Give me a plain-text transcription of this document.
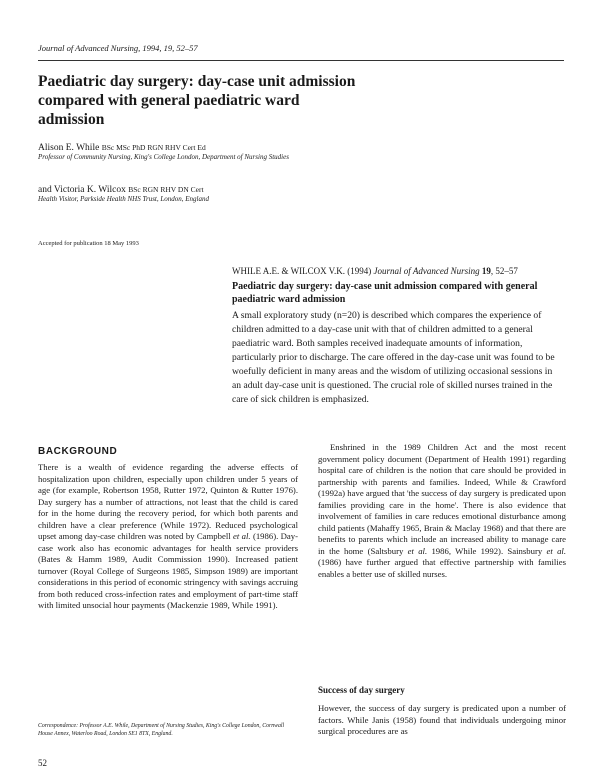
Journal of Advanced Nursing, 1994, 19, 52–57
Paediatric day surgery: day-case unit admission compared with general paediatric ward admission
Alison E. While BSc MSc PhD RGN RHV Cert Ed
Professor of Community Nursing, King's College London, Department of Nursing Studies
and Victoria K. Wilcox BSc RGN RHV DN Cert
Health Visitor, Parkside Health NHS Trust, London, England
Accepted for publication 18 May 1993
WHILE A.E. & WILCOX V.K. (1994) Journal of Advanced Nursing 19, 52–57
Paediatric day surgery: day-case unit admission compared with general paediatric ward admission
A small exploratory study (n=20) is described which compares the experience of children admitted to a day-case unit with that of children admitted to a general paediatric ward. Both samples received inadequate amounts of information, particularly prior to discharge. The care offered in the day-case unit was found to be woefully deficient in many areas and the wisdom of utilizing occasional sessions in an adult day-case unit is questioned. The crucial role of skilled nurses trained in the care of sick children is emphasized.
BACKGROUND
There is a wealth of evidence regarding the adverse effects of hospitalization upon children, especially upon children under 5 years of age (for example, Robertson 1958, Rutter 1972, Quinton & Rutter 1976). Day surgery has a number of attractions, not least that the child is cared for in the home during the recovery period, for which both parents and children have a clear preference (While 1972). Reduced psychological upset among day-case children was noted by Campbell et al. (1986). Day-case work also has economic advantages for health service providers (Bates & Hamm 1989, Audit Commission 1990). Increased patient turnover (Royal College of Surgeons 1985, Simpson 1989) are important considerations in this period of economic stringency with savings accruing from both reduced cross-infection rates and employment of part-time staff with limited unsocial hour payments (Mackenzie 1989, While 1991).
Enshrined in the 1989 Children Act and the most recent government policy document (Department of Health 1991) regarding hospital care of children is the notion that care should be provided in partnership with parents and families. Indeed, While & Crawford (1992a) have argued that 'the success of day surgery is predicated upon families providing care in the home'. There is also evidence that involvement of families in care reduces emotional disturbance among child patients (Mahaffy 1965, Brain & Maclay 1968) and that there are benefits to parents which include an increased ability to manage care in the home (Saltsbury et al. 1986, While 1992). Sainsbury et al. (1986) have further argued that effective partnership with families enables a better use of skilled nurses.
Success of day surgery
However, the success of day surgery is predicated upon a number of factors. While Janis (1958) found that individuals undergoing minor surgical procedures are as
Correspondence: Professor A.E. While, Department of Nursing Studies, King's College London, Cornwall House Annex, Waterloo Road, London SE1 8TX, England.
52
